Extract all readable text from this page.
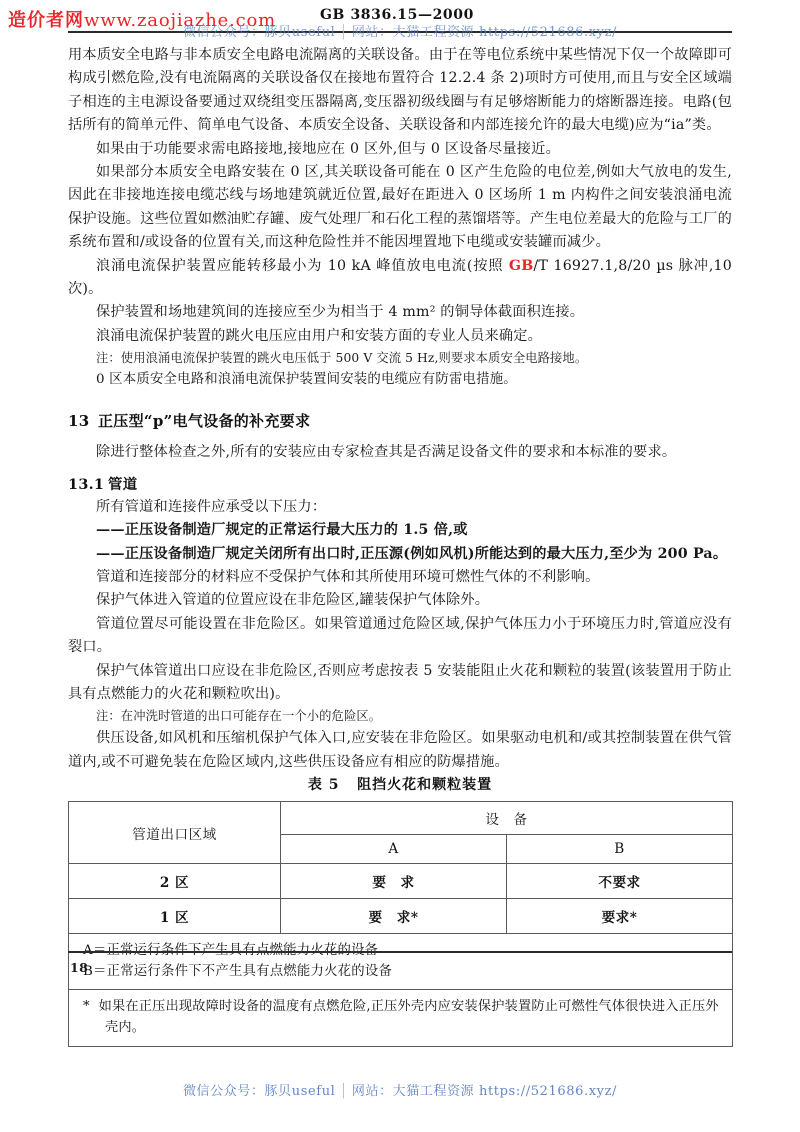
造价者网www.zaojiazhe.com	GB 3836.15—2000
微信公众号：豚贝useful │ 网站：大猫工程资源 https://521686.xyz/

用本质安全电路与非本质安全电路电流隔离的关联设备。由于在等电位系统中某些情况下仅一个故障即可构成引燃危险,没有电流隔离的关联设备仅在接地布置符合 12.2.4 条 2)项时方可使用,而且与安全区域端子相连的主电源设备要通过双绕组变压器隔离,变压器初级线圈与有足够熔断能力的熔断器连接。电路(包括所有的简单元件、简单电气设备、本质安全设备、关联设备和内部连接允许的最大电缆)应为“ia”类。

如果由于功能要求需电路接地,接地应在 0 区外,但与 0 区设备尽量接近。

如果部分本质安全电路安装在 0 区,其关联设备可能在 0 区产生危险的电位差,例如大气放电的发生,因此在非接地连接电缆芯线与场地建筑就近位置,最好在距进入 0 区场所 1 m 内构件之间安装浪涌电流保护设施。这些位置如燃油贮存罐、废气处理厂和石化工程的蒸馏塔等。产生电位差最大的危险与工厂的系统布置和/或设备的位置有关,而这种危险性并不能因埋置地下电缆或安装罐而减少。

浪涌电流保护装置应能转移最小为 10 kA 峰值放电电流(按照 GB/T 16927.1,8/20 µs 脉冲,10 次)。

保护装置和场地建筑间的连接应至少为相当于 4 mm² 的铜导体截面积连接。

浪涌电流保护装置的跳火电压应由用户和安装方面的专业人员来确定。

注：使用浪涌电流保护装置的跳火电压低于 500 V 交流 5 Hz,则要求本质安全电路接地。

0 区本质安全电路和浪涌电流保护装置间安装的电缆应有防雷电措施。

13 正压型“p”电气设备的补充要求

除进行整体检查之外,所有的安装应由专家检查其是否满足设备文件的要求和本标准的要求。

13.1 管道

所有管道和连接件应承受以下压力：

——正压设备制造厂规定的正常运行最大压力的 1.5 倍,或

——正压设备制造厂规定关闭所有出口时,正压源(例如风机)所能达到的最大压力,至少为 200 Pa。

管道和连接部分的材料应不受保护气体和其所使用环境可燃性气体的不利影响。

保护气体进入管道的位置应设在非危险区,罐装保护气体除外。

管道位置尽可能设置在非危险区。如果管道通过危险区域,保护气体压力小于环境压力时,管道应没有裂口。

保护气体管道出口应设在非危险区,否则应考虑按表 5 安装能阻止火花和颗粒的装置(该装置用于防止具有点燃能力的火花和颗粒吹出)。

注：在冲洗时管道的出口可能存在一个小的危险区。

供压设备,如风机和压缩机保护气体入口,应安装在非危险区。如果驱动电机和/或其控制装置在供气管道内,或不可避免装在危险区域内,这些供压设备应有相应的防爆措施。

表 5 阻挡火花和颗粒装置

管道出口区域	设　备	
	A	B
2 区	要　求	不要求
1 区	要　求*	要求*

B＝正常运行条件下不产生具有点燃能力火花的设备		

* 如果在正压出现故障时设备的温度有点燃危险,正压外壳内应安装保护装置防止可燃性气体很快进入正压外壳内。		
18
微信公众号：豚贝useful │ 网站：大猫工程资源 https://521686.xyz/
